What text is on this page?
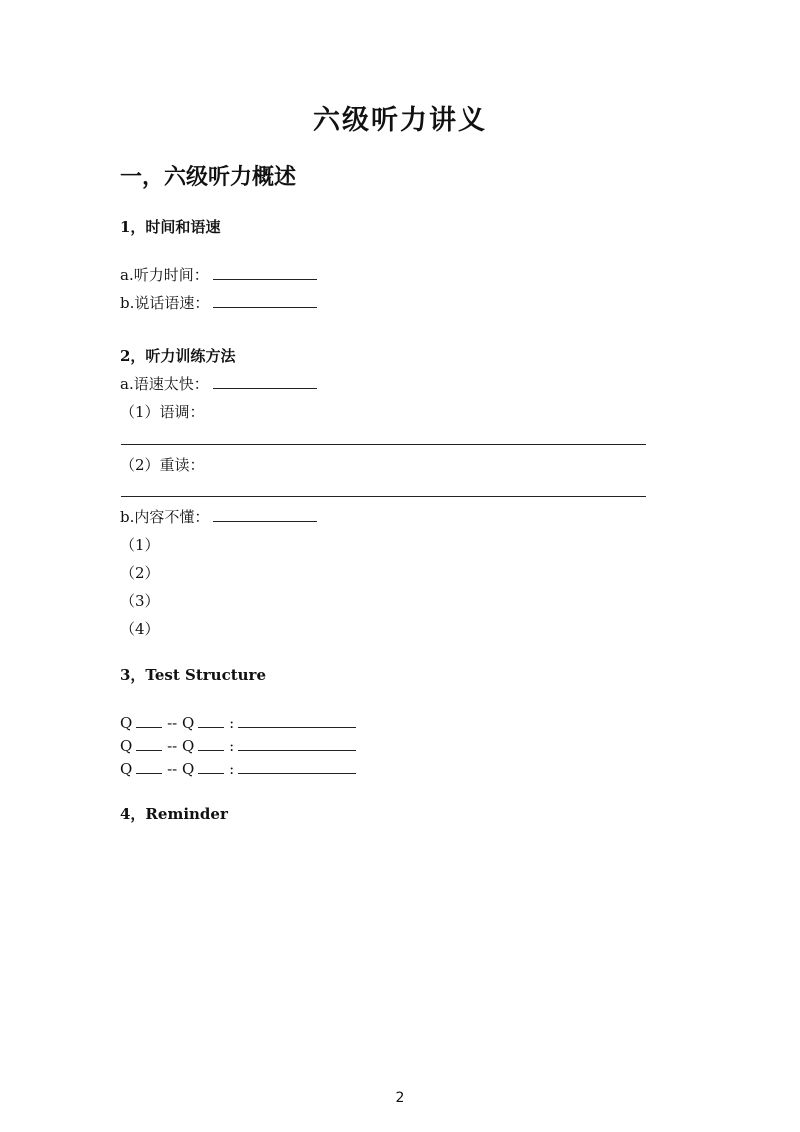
六级听力讲义
一，六级听力概述
1，时间和语速
a.听力时间：
b.说话语速：
2，听力训练方法
a.语速太快：
（1）语调：
（2）重读：
b.内容不懂：
（1）
（2）
（3）
（4）
3，Test Structure
Q -- Q :
Q -- Q :
Q -- Q :
4，Reminder
2
